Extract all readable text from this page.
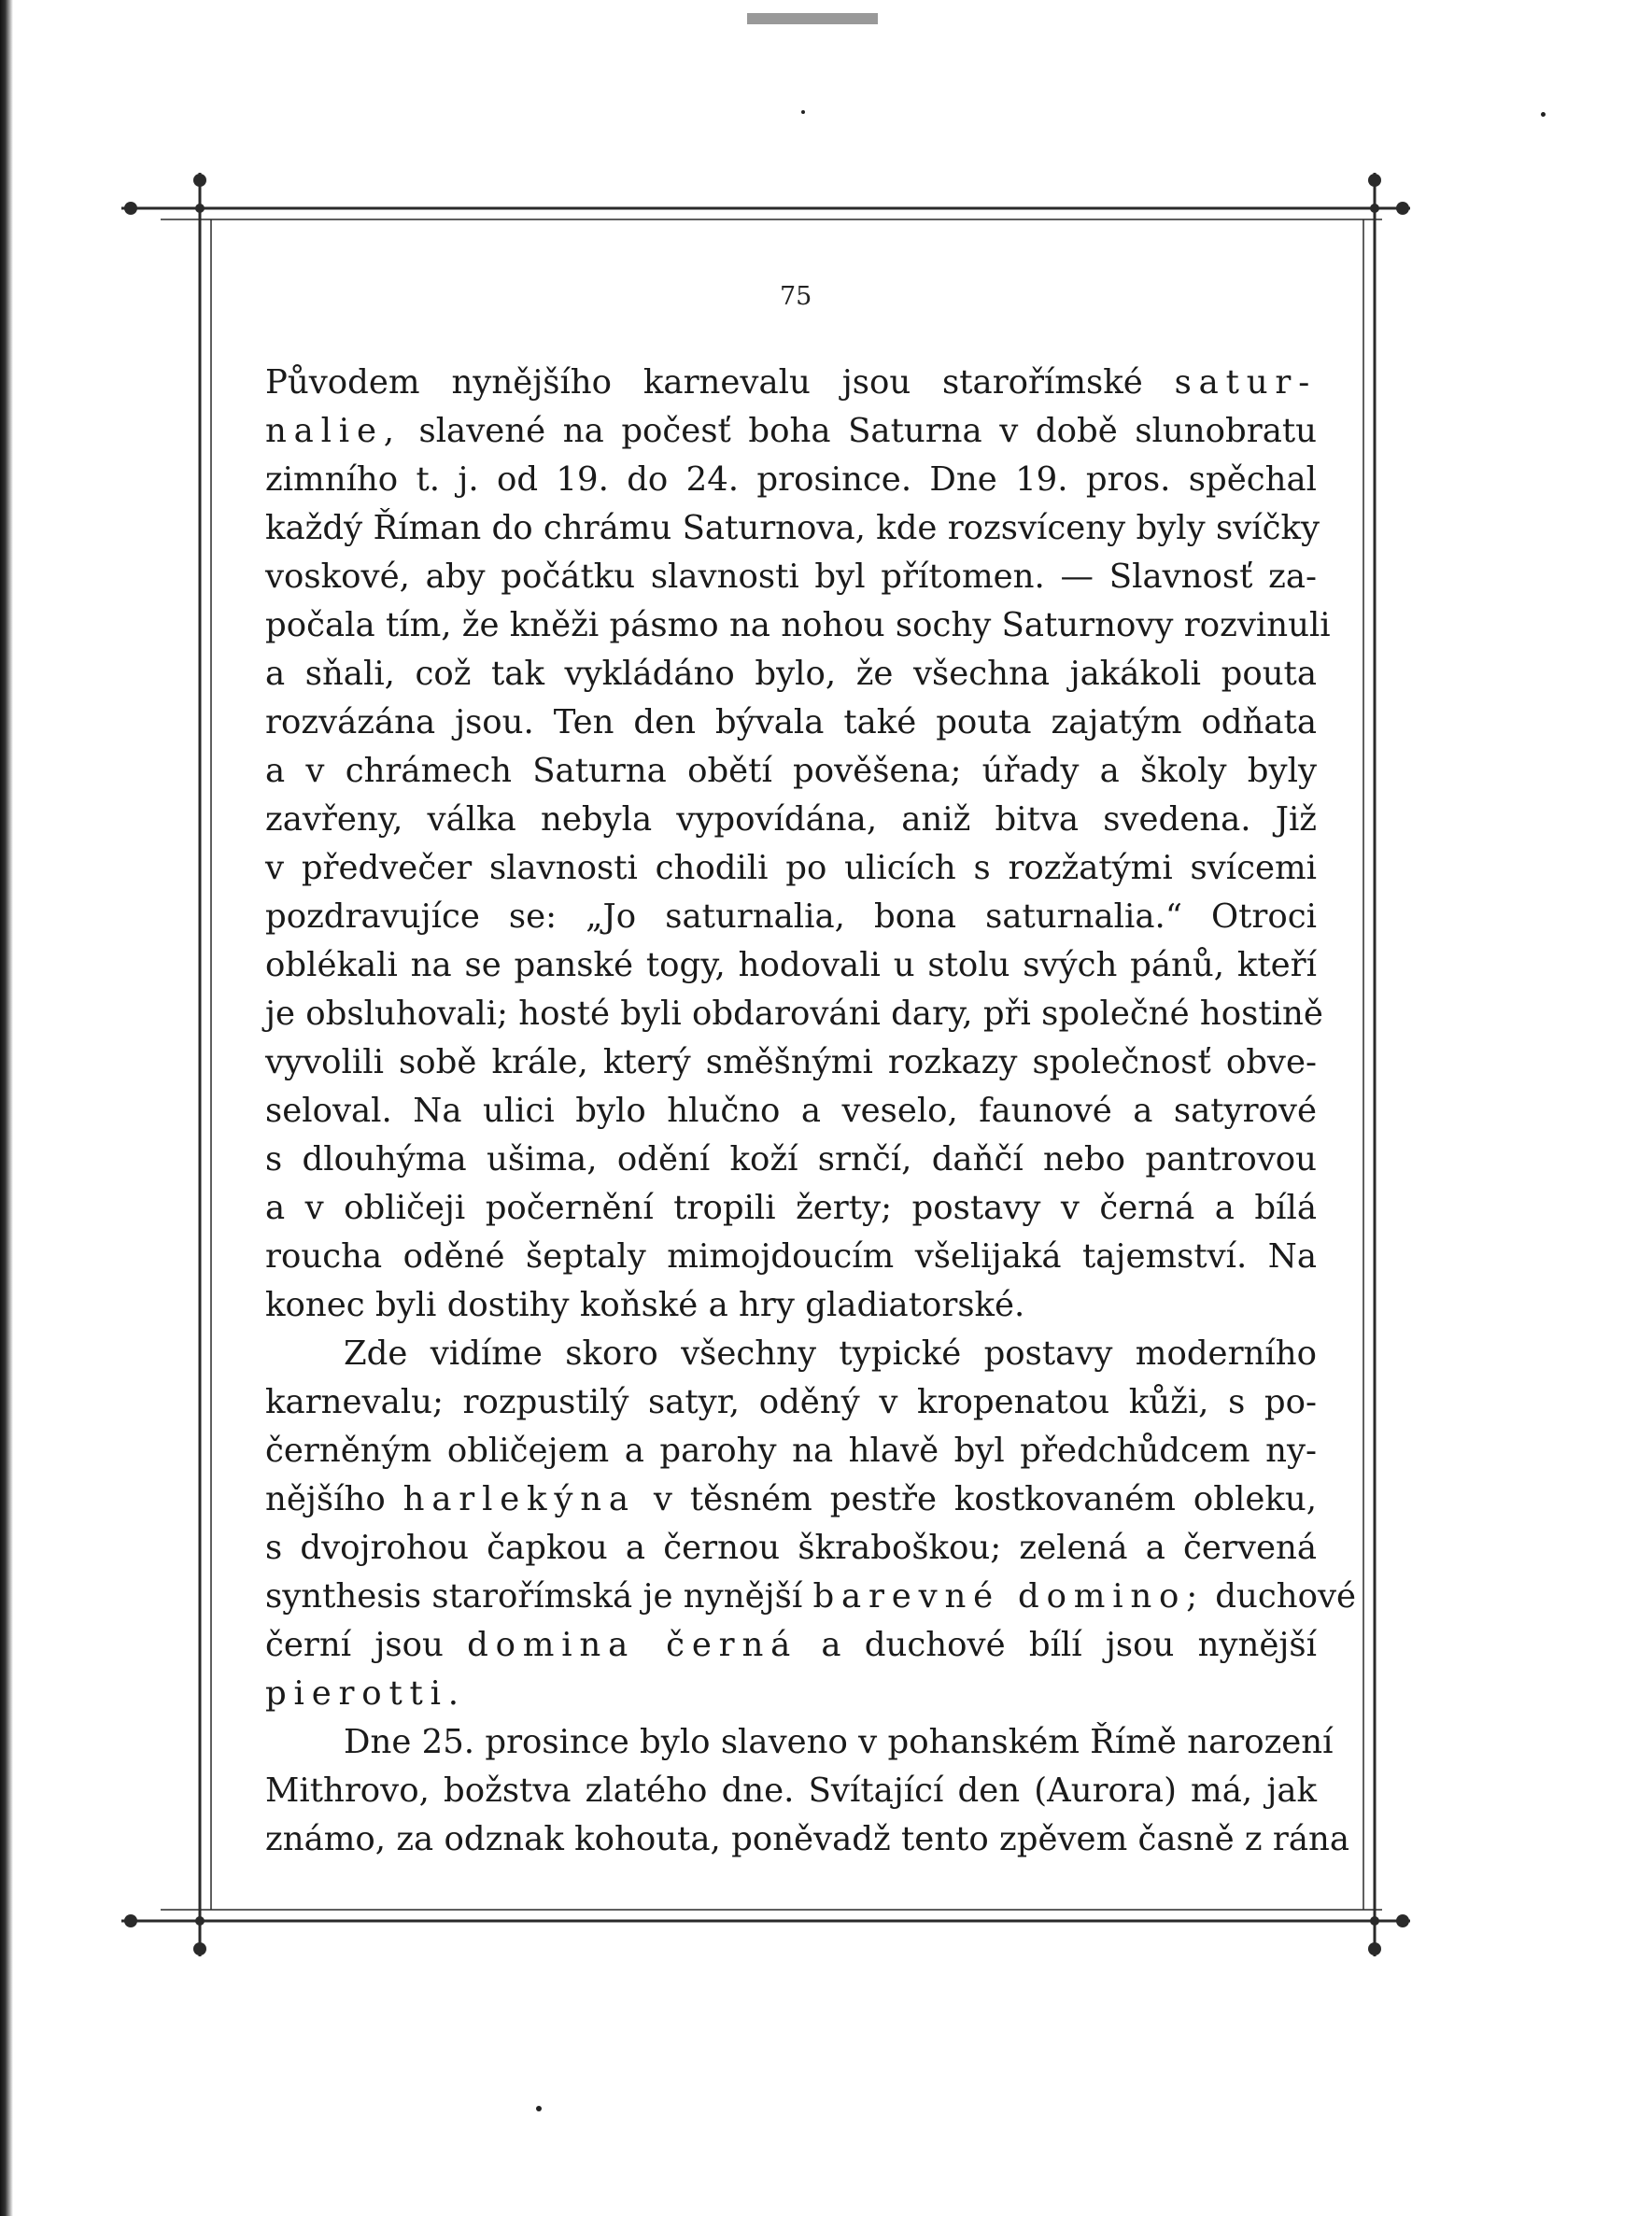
75
Původem nynějšího karnevalu jsou starořímské satur-
nalie, slavené na počesť boha Saturna v době slunobratu
zimního t. j. od 19. do 24. prosince. Dne 19. pros. spěchal
každý Říman do chrámu Saturnova, kde rozsvíceny byly svíčky
voskové, aby počátku slavnosti byl přítomen. — Slavnosť za-
počala tím, že kněži pásmo na nohou sochy Saturnovy rozvinuli
a sňali, což tak vykládáno bylo, že všechna jakákoli pouta
rozvázána jsou. Ten den bývala také pouta zajatým odňata
a v chrámech Saturna obětí pověšena; úřady a školy byly
zavřeny, válka nebyla vypovídána, aniž bitva svedena. Již
v předvečer slavnosti chodili po ulicích s rozžatými svícemi
pozdravujíce se: „Jo saturnalia, bona saturnalia.“ Otroci
oblékali na se panské togy, hodovali u stolu svých pánů, kteří
je obsluhovali; hosté byli obdarováni dary, při společné hostině
vyvolili sobě krále, který směšnými rozkazy společnosť obve-
seloval. Na ulici bylo hlučno a veselo, faunové a satyrové
s dlouhýma ušima, odění koží srnčí, daňčí nebo pantrovou
a v obličeji počernění tropili žerty; postavy v černá a bílá
roucha oděné šeptaly mimojdoucím všelijaká tajemství. Na
konec byli dostihy koňské a hry gladiatorské.
Zde vidíme skoro všechny typické postavy moderního
karnevalu; rozpustilý satyr, oděný v kropenatou kůži, s po-
černěným obličejem a parohy na hlavě byl předchůdcem ny-
nějšího harlekýna v těsném pestře kostkovaném obleku,
s dvojrohou čapkou a černou škraboškou; zelená a červená
synthesis starořímská je nynější barevné domino; duchové
černí jsou domina černá a duchové bílí jsou nynější
pierotti.
Dne 25. prosince bylo slaveno v pohanském Římě narození
Mithrovo, božstva zlatého dne. Svítající den (Aurora) má, jak
známo, za odznak kohouta, poněvadž tento zpěvem časně z rána
